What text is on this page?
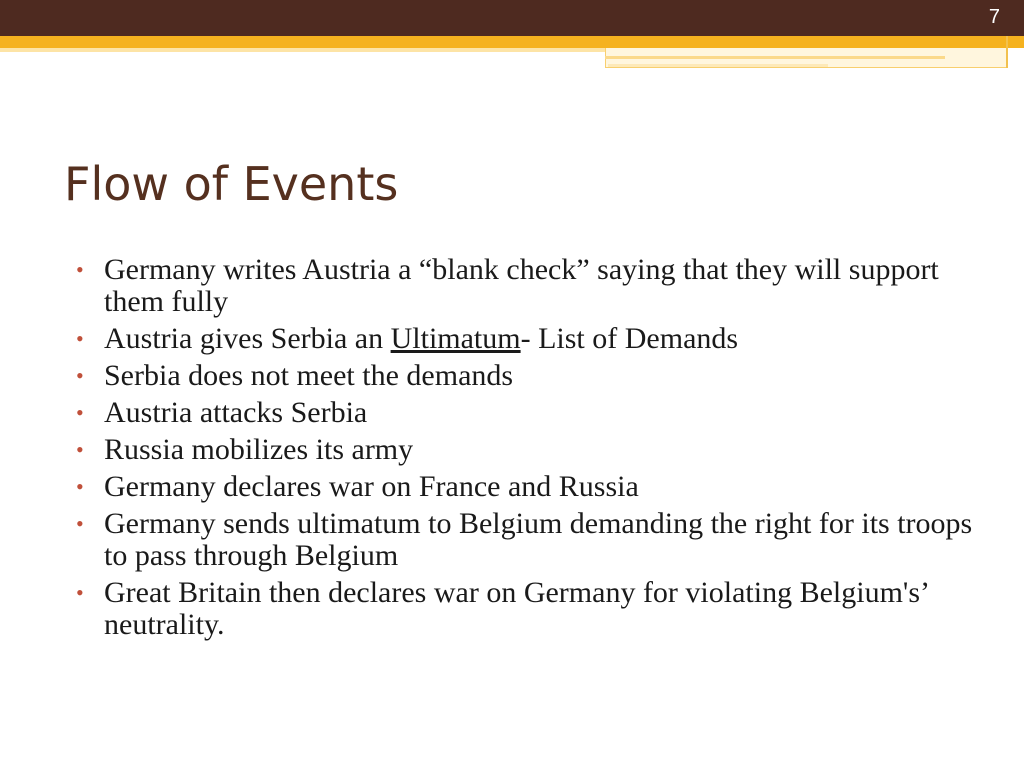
7
Flow of Events
• Germany writes Austria a “blank check” saying that they will support them fully
• Austria gives Serbia an Ultimatum- List of Demands
• Serbia does not meet the demands
• Austria attacks Serbia
• Russia mobilizes its army
• Germany declares war on France and Russia
• Germany sends ultimatum to Belgium demanding the right for its troops to pass through Belgium
• Great Britain then declares war on Germany for violating Belgium's’ neutrality.
